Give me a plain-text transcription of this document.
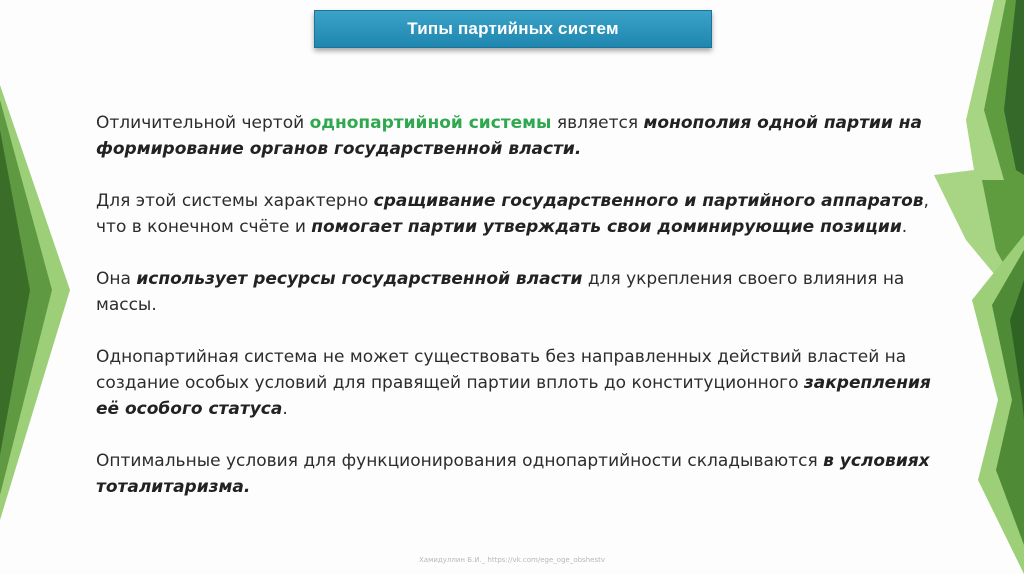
Типы партийных систем

Отличительной чертой однопартийной системы является монополия одной партии на формирование органов государственной власти.

Для этой системы характерно сращивание государственного и партийного аппаратов, что в конечном счёте и помогает партии утверждать свои доминирующие позиции.

Она использует ресурсы государственной власти для укрепления своего влияния на массы.

Однопартийная система не может существовать без направленных действий властей на создание особых условий для правящей партии вплоть до конституционного закрепления её особого статуса.

Оптимальные условия для функционирования однопартийности складываются в условиях тоталитаризма.

Хамидуллин Б.И._ https://vk.com/ege_oge_obshestv
